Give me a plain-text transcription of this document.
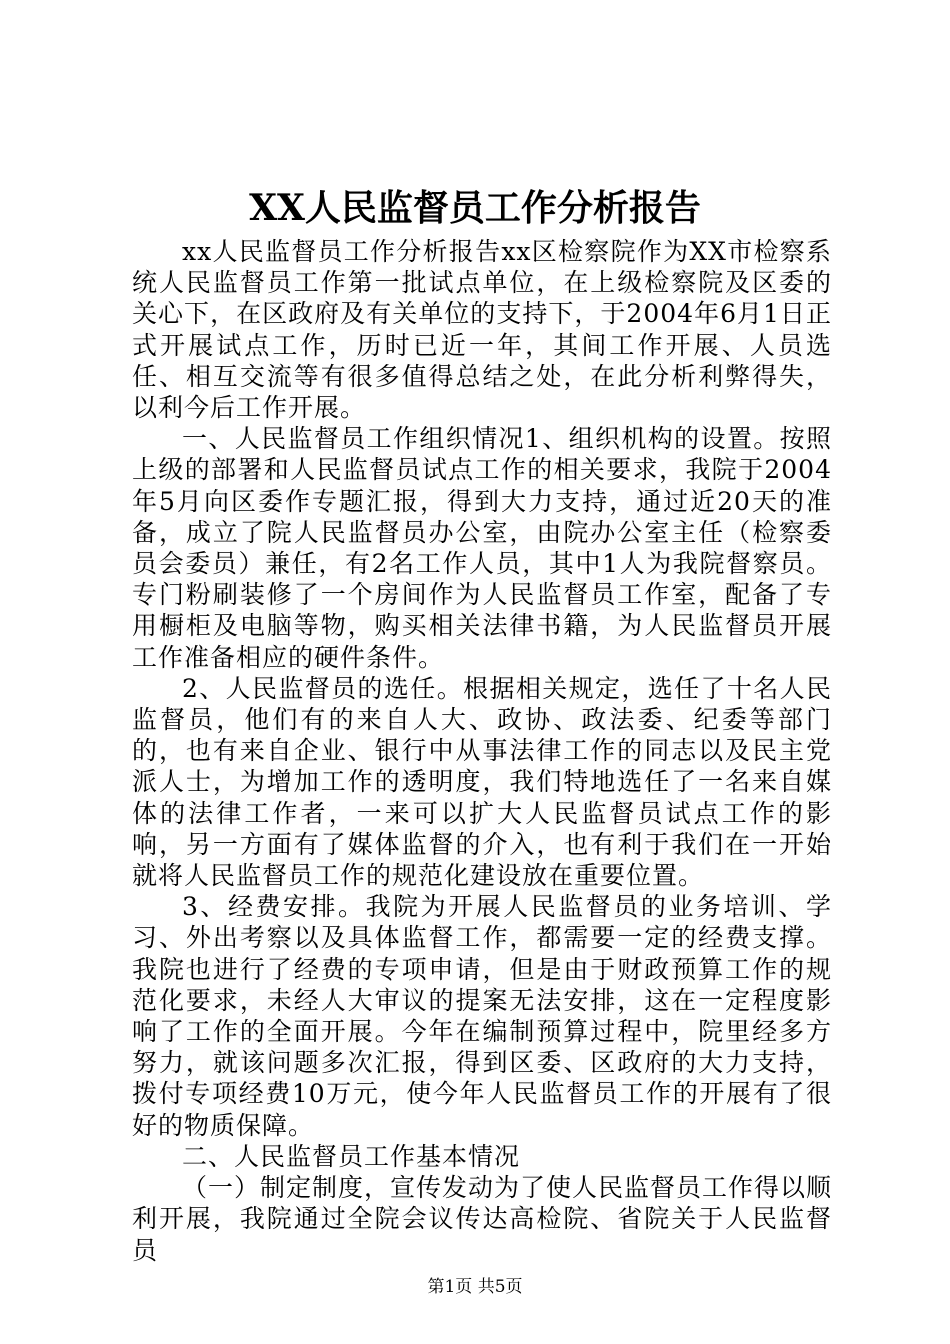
XX人民监督员工作分析报告

xx人民监督员工作分析报告xx区检察院作为XX市检察系统人民监督员工作第一批试点单位，在上级检察院及区委的关心下，在区政府及有关单位的支持下，于2004年6月1日正式开展试点工作，历时已近一年，其间工作开展、人员选任、相互交流等有很多值得总结之处，在此分析利弊得失，以利今后工作开展。

一、人民监督员工作组织情况1、组织机构的设置。按照上级的部署和人民监督员试点工作的相关要求，我院于2004年5月向区委作专题汇报，得到大力支持，通过近20天的准备，成立了院人民监督员办公室，由院办公室主任（检察委员会委员）兼任，有2名工作人员，其中1人为我院督察员。专门粉刷装修了一个房间作为人民监督员工作室，配备了专用橱柜及电脑等物，购买相关法律书籍，为人民监督员开展工作准备相应的硬件条件。

2、人民监督员的选任。根据相关规定，选任了十名人民监督员，他们有的来自人大、政协、政法委、纪委等部门的，也有来自企业、银行中从事法律工作的同志以及民主党派人士，为增加工作的透明度，我们特地选任了一名来自媒体的法律工作者，一来可以扩大人民监督员试点工作的影响，另一方面有了媒体监督的介入，也有利于我们在一开始就将人民监督员工作的规范化建设放在重要位置。

3、经费安排。我院为开展人民监督员的业务培训、学习、外出考察以及具体监督工作，都需要一定的经费支撑。我院也进行了经费的专项申请，但是由于财政预算工作的规范化要求，未经人大审议的提案无法安排，这在一定程度影响了工作的全面开展。今年在编制预算过程中，院里经多方努力，就该问题多次汇报，得到区委、区政府的大力支持，拨付专项经费10万元，使今年人民监督员工作的开展有了很好的物质保障。

二、人民监督员工作基本情况

（一）制定制度，宣传发动为了使人民监督员工作得以顺利开展，我院通过全院会议传达高检院、省院关于人民监督员

第1页 共5页
